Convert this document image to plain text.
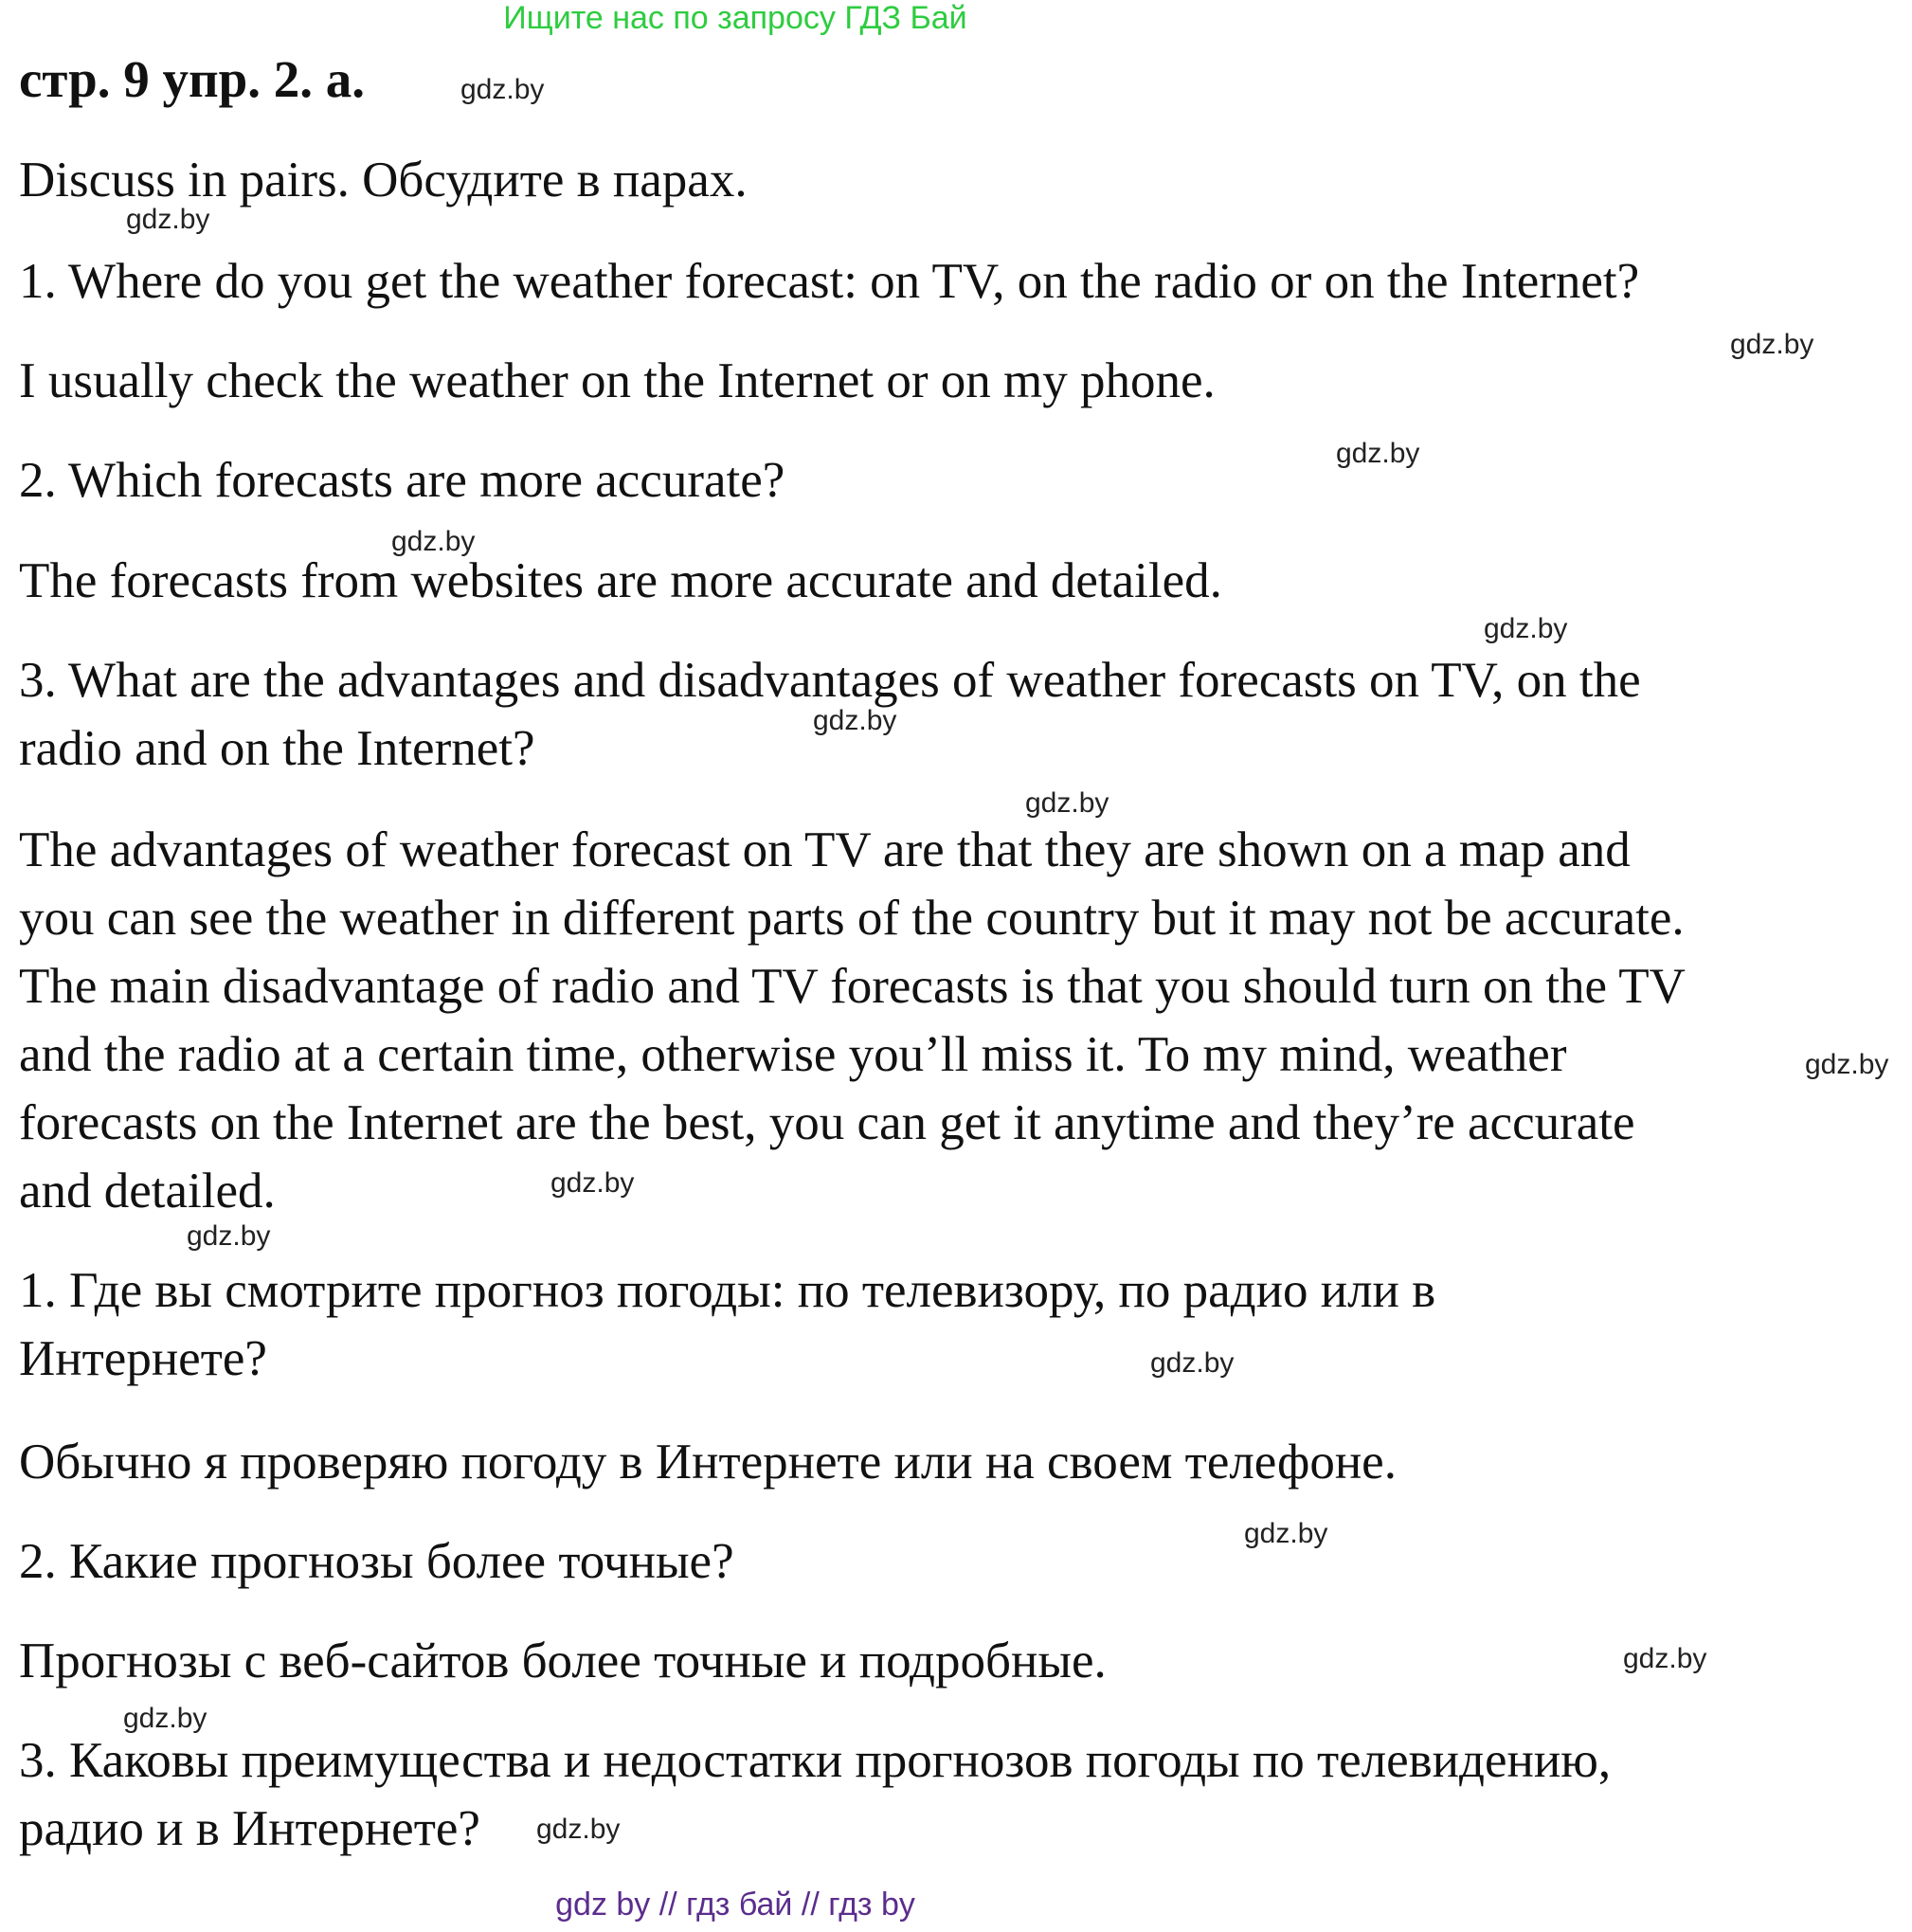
Ищите нас по запросу ГДЗ Бай
стр. 9 упр. 2. а.	gdz.by
Discuss in pairs. Обсудите в парах.
gdz.by
1. Where do you get the weather forecast: on TV, on the radio or on the Internet?
gdz.by
I usually check the weather on the Internet or on my phone.
gdz.by
2. Which forecasts are more accurate?
gdz.by
The forecasts from websites are more accurate and detailed.
gdz.by
3. What are the advantages and disadvantages of weather forecasts on TV, on the
gdz.by
radio and on the Internet?
gdz.by
The advantages of weather forecast on TV are that they are shown on a map and
you can see the weather in different parts of the country but it may not be accurate.
The main disadvantage of radio and TV forecasts is that you should turn on the TV
and the radio at a certain time, otherwise you’ll miss it. To my mind, weather	gdz.by
forecasts on the Internet are the best, you can get it anytime and they’re accurate
and detailed.	gdz.by
gdz.by
1. Где вы смотрите прогноз погоды: по телевизору, по радио или в
Интернете?	gdz.by
Обычно я проверяю погоду в Интернете или на своем телефоне.
gdz.by
2. Какие прогнозы более точные?
gdz.by
Прогнозы с веб-сайтов более точные и подробные.
gdz.by
3. Каковы преимущества и недостатки прогнозов погоды по телевидению,
радио и в Интернете? gdz.by
gdz by // гдз бай // гдз by
